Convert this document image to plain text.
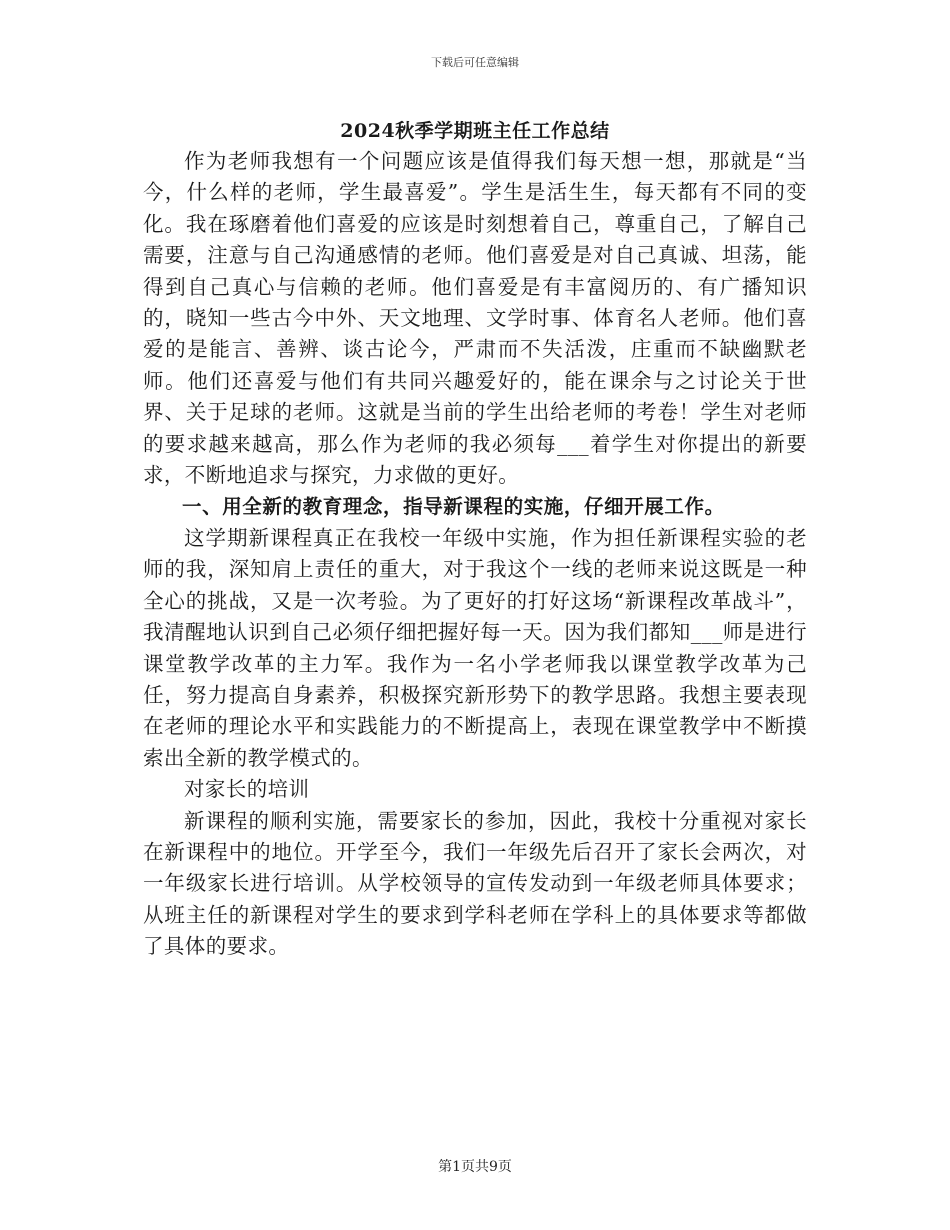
下载后可任意编辑
2024秋季学期班主任工作总结

作为老师我想有一个问题应该是值得我们每天想一想，那就是“当今，什么样的老师，学生最喜爱”。学生是活生生，每天都有不同的变化。我在琢磨着他们喜爱的应该是时刻想着自己，尊重自己，了解自己需要，注意与自己沟通感情的老师。他们喜爱是对自己真诚、坦荡，能得到自己真心与信赖的老师。他们喜爱是有丰富阅历的、有广播知识的，晓知一些古今中外、天文地理、文学时事、体育名人老师。他们喜爱的是能言、善辨、谈古论今，严肃而不失活泼，庄重而不缺幽默老师。他们还喜爱与他们有共同兴趣爱好的，能在课余与之讨论关于世界、关于足球的老师。这就是当前的学生出给老师的考卷！学生对老师的要求越来越高，那么作为老师的我必须每___着学生对你提出的新要求，不断地追求与探究，力求做的更好。

一、用全新的教育理念，指导新课程的实施，仔细开展工作。

这学期新课程真正在我校一年级中实施，作为担任新课程实验的老师的我，深知肩上责任的重大，对于我这个一线的老师来说这既是一种全心的挑战，又是一次考验。为了更好的打好这场“新课程改革战斗”，我清醒地认识到自己必须仔细把握好每一天。因为我们都知___师是进行课堂教学改革的主力军。我作为一名小学老师我以课堂教学改革为己任，努力提高自身素养，积极探究新形势下的教学思路。我想主要表现在老师的理论水平和实践能力的不断提高上，表现在课堂教学中不断摸索出全新的教学模式的。

对家长的培训

新课程的顺利实施，需要家长的参加，因此，我校十分重视对家长在新课程中的地位。开学至今，我们一年级先后召开了家长会两次，对一年级家长进行培训。从学校领导的宣传发动到一年级老师具体要求；从班主任的新课程对学生的要求到学科老师在学科上的具体要求等都做了具体的要求。

第1页共9页
